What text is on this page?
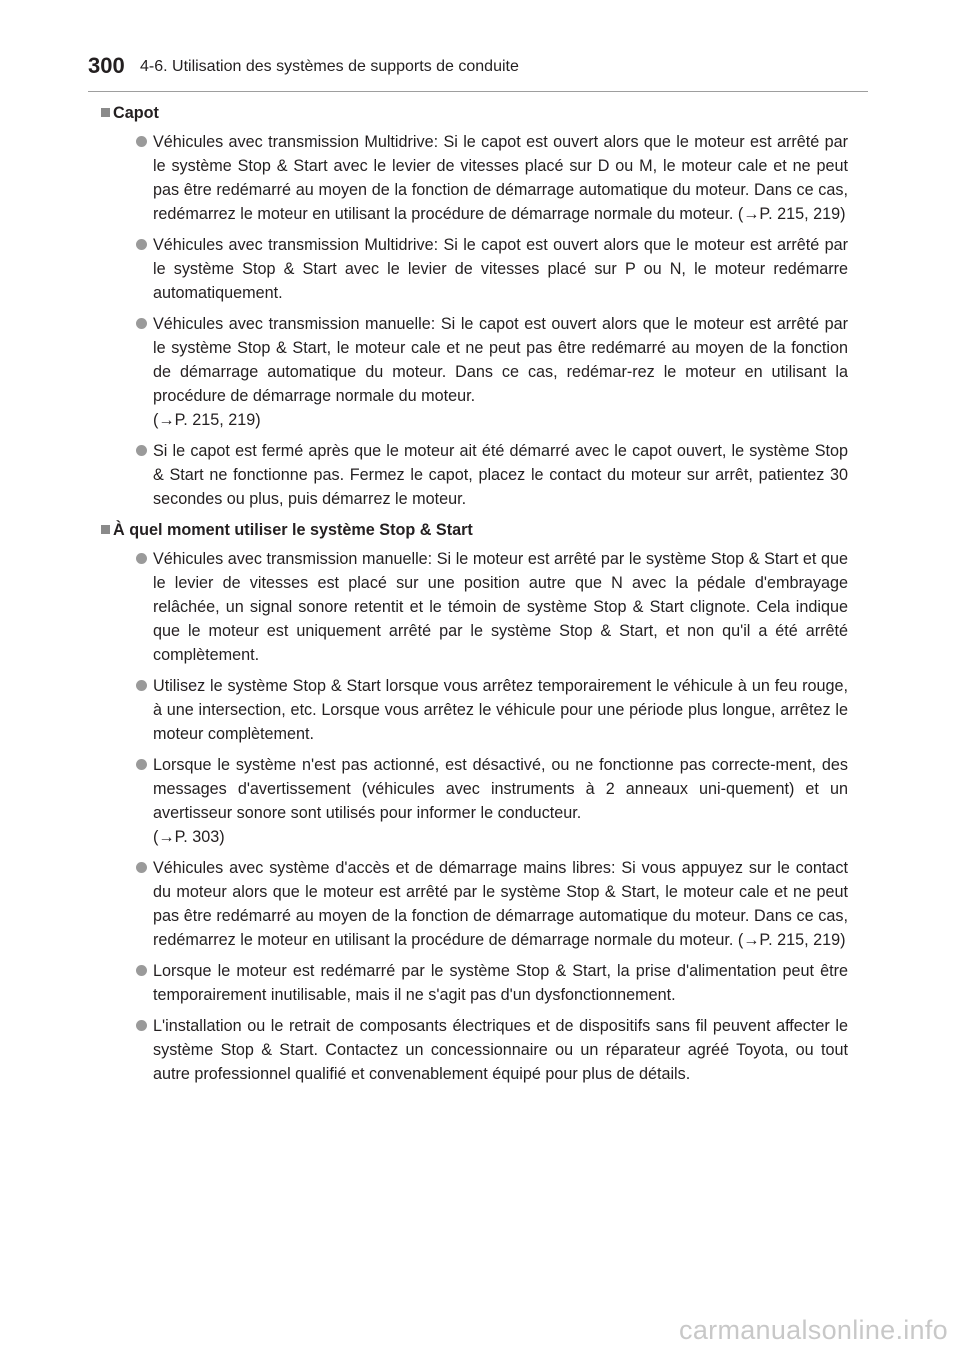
300 4-6. Utilisation des systèmes de supports de conduite
Capot
Véhicules avec transmission Multidrive: Si le capot est ouvert alors que le moteur est arrêté par le système Stop & Start avec le levier de vitesses placé sur D ou M, le moteur cale et ne peut pas être redémarré au moyen de la fonction de démarrage automatique du moteur. Dans ce cas, redémarrez le moteur en utilisant la procédure de démarrage normale du moteur. (→P. 215, 219)
Véhicules avec transmission Multidrive: Si le capot est ouvert alors que le moteur est arrêté par le système Stop & Start avec le levier de vitesses placé sur P ou N, le moteur redémarre automatiquement.
Véhicules avec transmission manuelle: Si le capot est ouvert alors que le moteur est arrêté par le système Stop & Start, le moteur cale et ne peut pas être redémarré au moyen de la fonction de démarrage automatique du moteur. Dans ce cas, redémar-rez le moteur en utilisant la procédure de démarrage normale du moteur.
(→P. 215, 219)
Si le capot est fermé après que le moteur ait été démarré avec le capot ouvert, le système Stop & Start ne fonctionne pas. Fermez le capot, placez le contact du moteur sur arrêt, patientez 30 secondes ou plus, puis démarrez le moteur.
À quel moment utiliser le système Stop & Start
Véhicules avec transmission manuelle: Si le moteur est arrêté par le système Stop & Start et que le levier de vitesses est placé sur une position autre que N avec la pédale d'embrayage relâchée, un signal sonore retentit et le témoin de système Stop & Start clignote. Cela indique que le moteur est uniquement arrêté par le système Stop & Start, et non qu'il a été arrêté complètement.
Utilisez le système Stop & Start lorsque vous arrêtez temporairement le véhicule à un feu rouge, à une intersection, etc. Lorsque vous arrêtez le véhicule pour une période plus longue, arrêtez le moteur complètement.
Lorsque le système n'est pas actionné, est désactivé, ou ne fonctionne pas correcte-ment, des messages d'avertissement (véhicules avec instruments à 2 anneaux uni-quement) et un avertisseur sonore sont utilisés pour informer le conducteur.
(→P. 303)
Véhicules avec système d'accès et de démarrage mains libres: Si vous appuyez sur le contact du moteur alors que le moteur est arrêté par le système Stop & Start, le moteur cale et ne peut pas être redémarré au moyen de la fonction de démarrage automatique du moteur. Dans ce cas, redémarrez le moteur en utilisant la procédure de démarrage normale du moteur. (→P. 215, 219)
Lorsque le moteur est redémarré par le système Stop & Start, la prise d'alimentation peut être temporairement inutilisable, mais il ne s'agit pas d'un dysfonctionnement.
L'installation ou le retrait de composants électriques et de dispositifs sans fil peuvent affecter le système Stop & Start. Contactez un concessionnaire ou un réparateur agréé Toyota, ou tout autre professionnel qualifié et convenablement équipé pour plus de détails.
carmanualsonline.info
